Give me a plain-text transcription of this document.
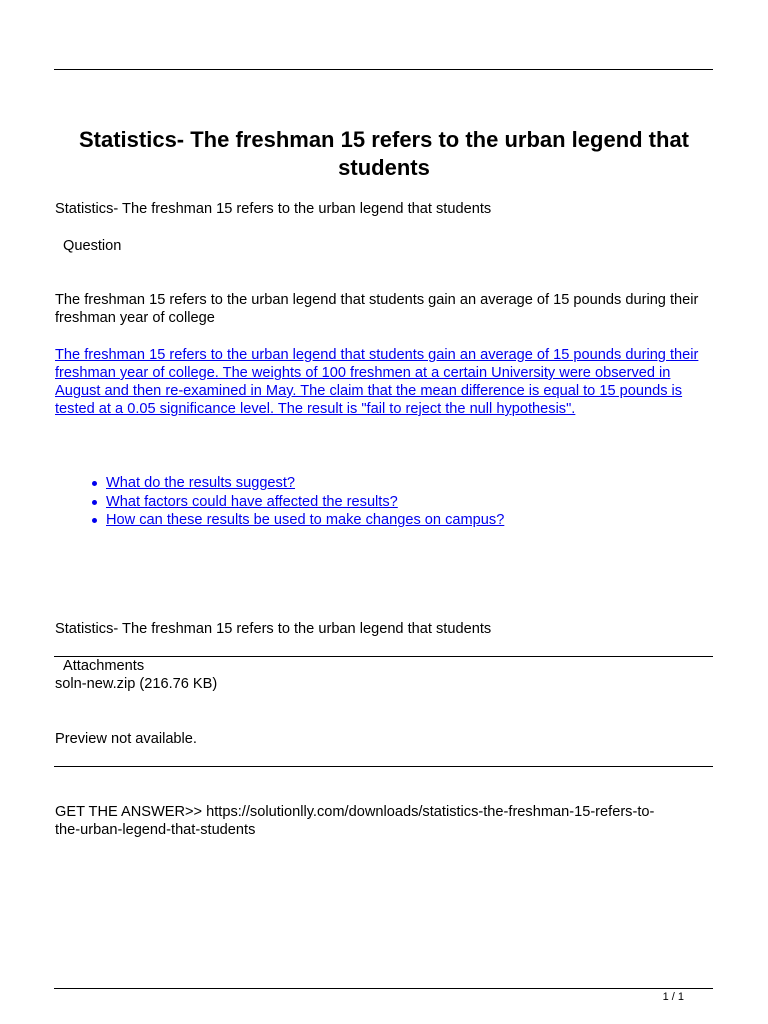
Statistics- The freshman 15 refers to the urban legend that students

Statistics- The freshman 15 refers to the urban legend that students

Question

The freshman 15 refers to the urban legend that students gain an average of 15 pounds during their freshman year of college

The freshman 15 refers to the urban legend that students gain an average of 15 pounds during their freshman year of college. The weights of 100 freshmen at a certain University were observed in August and then re-examined in May. The claim that the mean difference is equal to 15 pounds is tested at a 0.05 significance level. The result is "fail to reject the null hypothesis".

What do the results suggest?
What factors could have affected the results?
How can these results be used to make changes on campus?

Statistics- The freshman 15 refers to the urban legend that students

Attachments

soln-new.zip (216.76 KB)

Preview not available.

GET THE ANSWER>> https://solutionlly.com/downloads/statistics-the-freshman-15-refers-to-

the-urban-legend-that-students

1 / 1
